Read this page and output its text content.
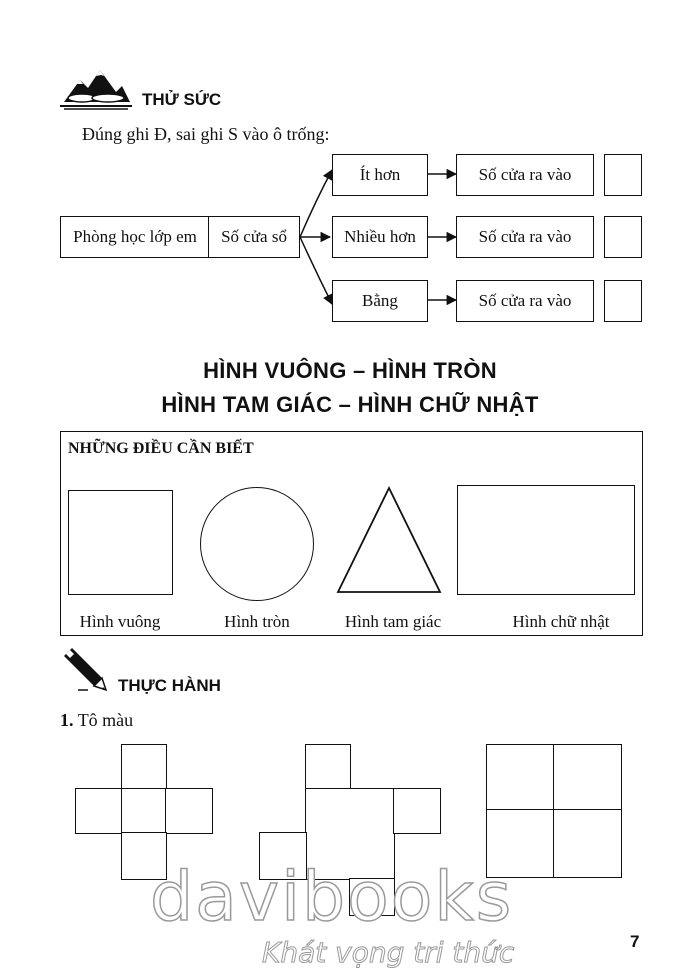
THỬ SỨC
Đúng ghi Đ, sai ghi S vào ô trống:
Phòng học lớp em Số cửa sổ
Ít hơn
Nhiều hơn
Bằng
Số cửa ra vào
Số cửa ra vào
Số cửa ra vào
HÌNH VUÔNG – HÌNH TRÒN
HÌNH TAM GIÁC – HÌNH CHỮ NHẬT
NHỮNG ĐIỀU CẦN BIẾT
Hình vuông	Hình tròn	Hình tam giác	Hình chữ nhật
THỰC HÀNH
1. Tô màu
davibooks
Khát vọng tri thức	7
